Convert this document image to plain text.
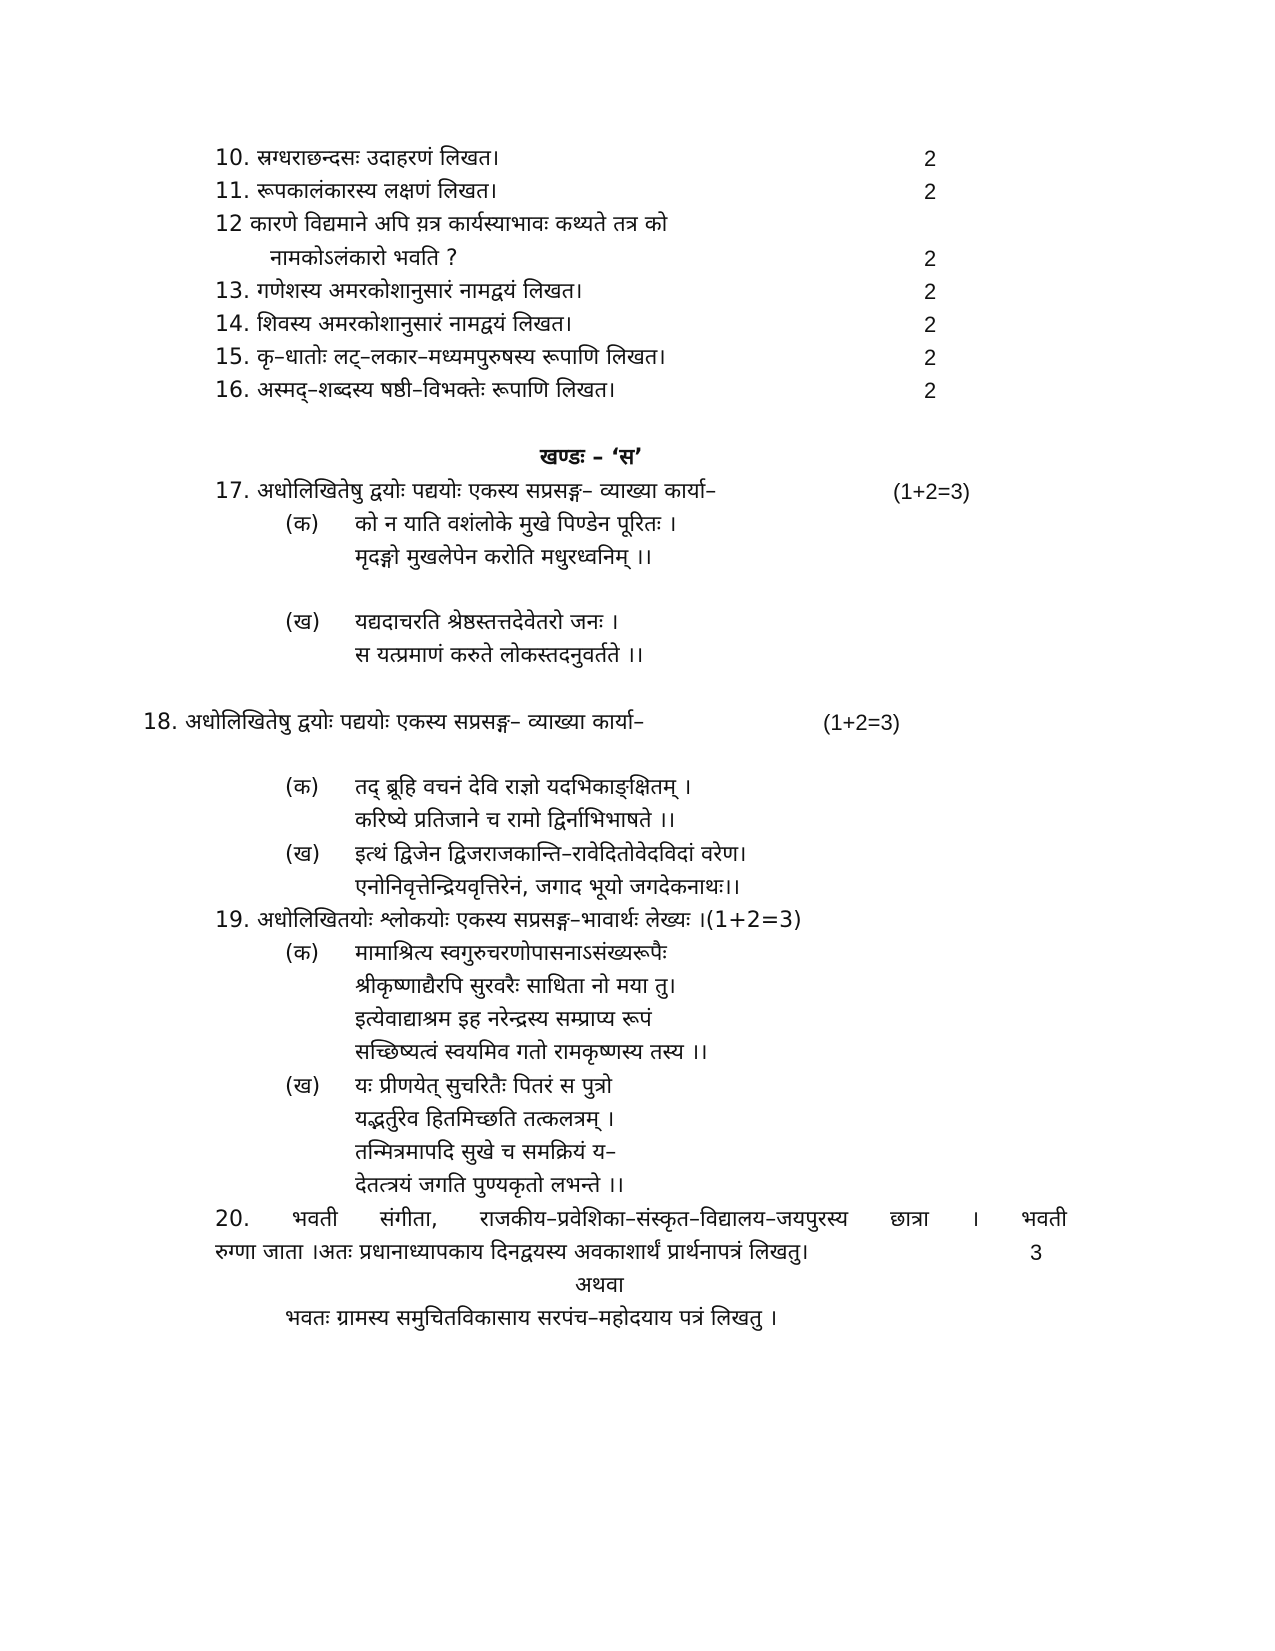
10. स्रग्धराछन्दसः उदाहरणं लिखत।	2
11. रूपकालंकारस्य लक्षणं लिखत।	2
12 कारणे विद्यमाने अपि य़त्र कार्यस्याभावः कथ्यते तत्र को
नामकोऽलंकारो भवति ?	2
13. गणेशस्य अमरकोशानुसारं नामद्वयं लिखत।	2
14. शिवस्य अमरकोशानुसारं नामद्वयं लिखत।	2
15. कृ–धातोः लट्–लकार–मध्यमपुरुषस्य रूपाणि लिखत।	2
16. अस्मद्–शब्दस्य षष्ठी–विभक्तेः रूपाणि लिखत।	2
खण्डः – ‘स’
17. अधोलिखितेषु द्वयोः पद्ययोः एकस्य सप्रसङ्ग– व्याख्या कार्या–	(1+2=3)
(क) को न याति वशंलोके मुखे पिण्डेन पूरितः ।
मृदङ्गो मुखलेपेन करोति मधुरध्वनिम् ।।
(ख) यद्यदाचरति श्रेष्ठस्तत्तदेवेतरो जनः ।
स यत्प्रमाणं करुते लोकस्तदनुवर्तते ।।
18. अधोलिखितेषु द्वयोः पद्ययोः एकस्य सप्रसङ्ग– व्याख्या कार्या–	(1+2=3)
(क) तद् ब्रूहि वचनं देवि राज्ञो यदभिकाङ्क्षितम् ।
करिष्ये प्रतिजाने च रामो द्विर्नाभिभाषते ।।
(ख) इत्थं द्विजेन द्विजराजकान्ति–रावेदितोवेदविदां वरेण।
एनोनिवृत्तेन्द्रियवृत्तिरेनं, जगाद भूयो जगदेकनाथः।।
19. अधोलिखितयोः श्लोकयोः एकस्य सप्रसङ्ग–भावार्थः लेख्यः ।(1+2=3)
(क) मामाश्रित्य स्वगुरुचरणोपासनाऽसंख्यरूपैः
श्रीकृष्णाद्यैरपि सुरवरैः साधिता नो मया तु।
इत्येवाद्याश्रम इह नरेन्द्रस्य सम्प्राप्य रूपं
सच्छिष्यत्वं स्वयमिव गतो रामकृष्णस्य तस्य ।।
(ख) यः प्रीणयेत् सुचरितैः पितरं स पुत्रो
यद्भर्तुरेव हितमिच्छति तत्कलत्रम् ।
तन्मित्रमापदि सुखे च समक्रियं य–
देतत्त्रयं जगति पुण्यकृतो लभन्ते ।।
20. भवती संगीता, राजकीय–प्रवेशिका–संस्कृत–विद्यालय–जयपुरस्य छात्रा । भवती
रुग्णा जाता ।अतः प्रधानाध्यापकाय दिनद्वयस्य अवकाशार्थं प्रार्थनापत्रं लिखतु।	3
अथवा
भवतः ग्रामस्य समुचितविकासाय सरपंच–महोदयाय पत्रं लिखतु ।
